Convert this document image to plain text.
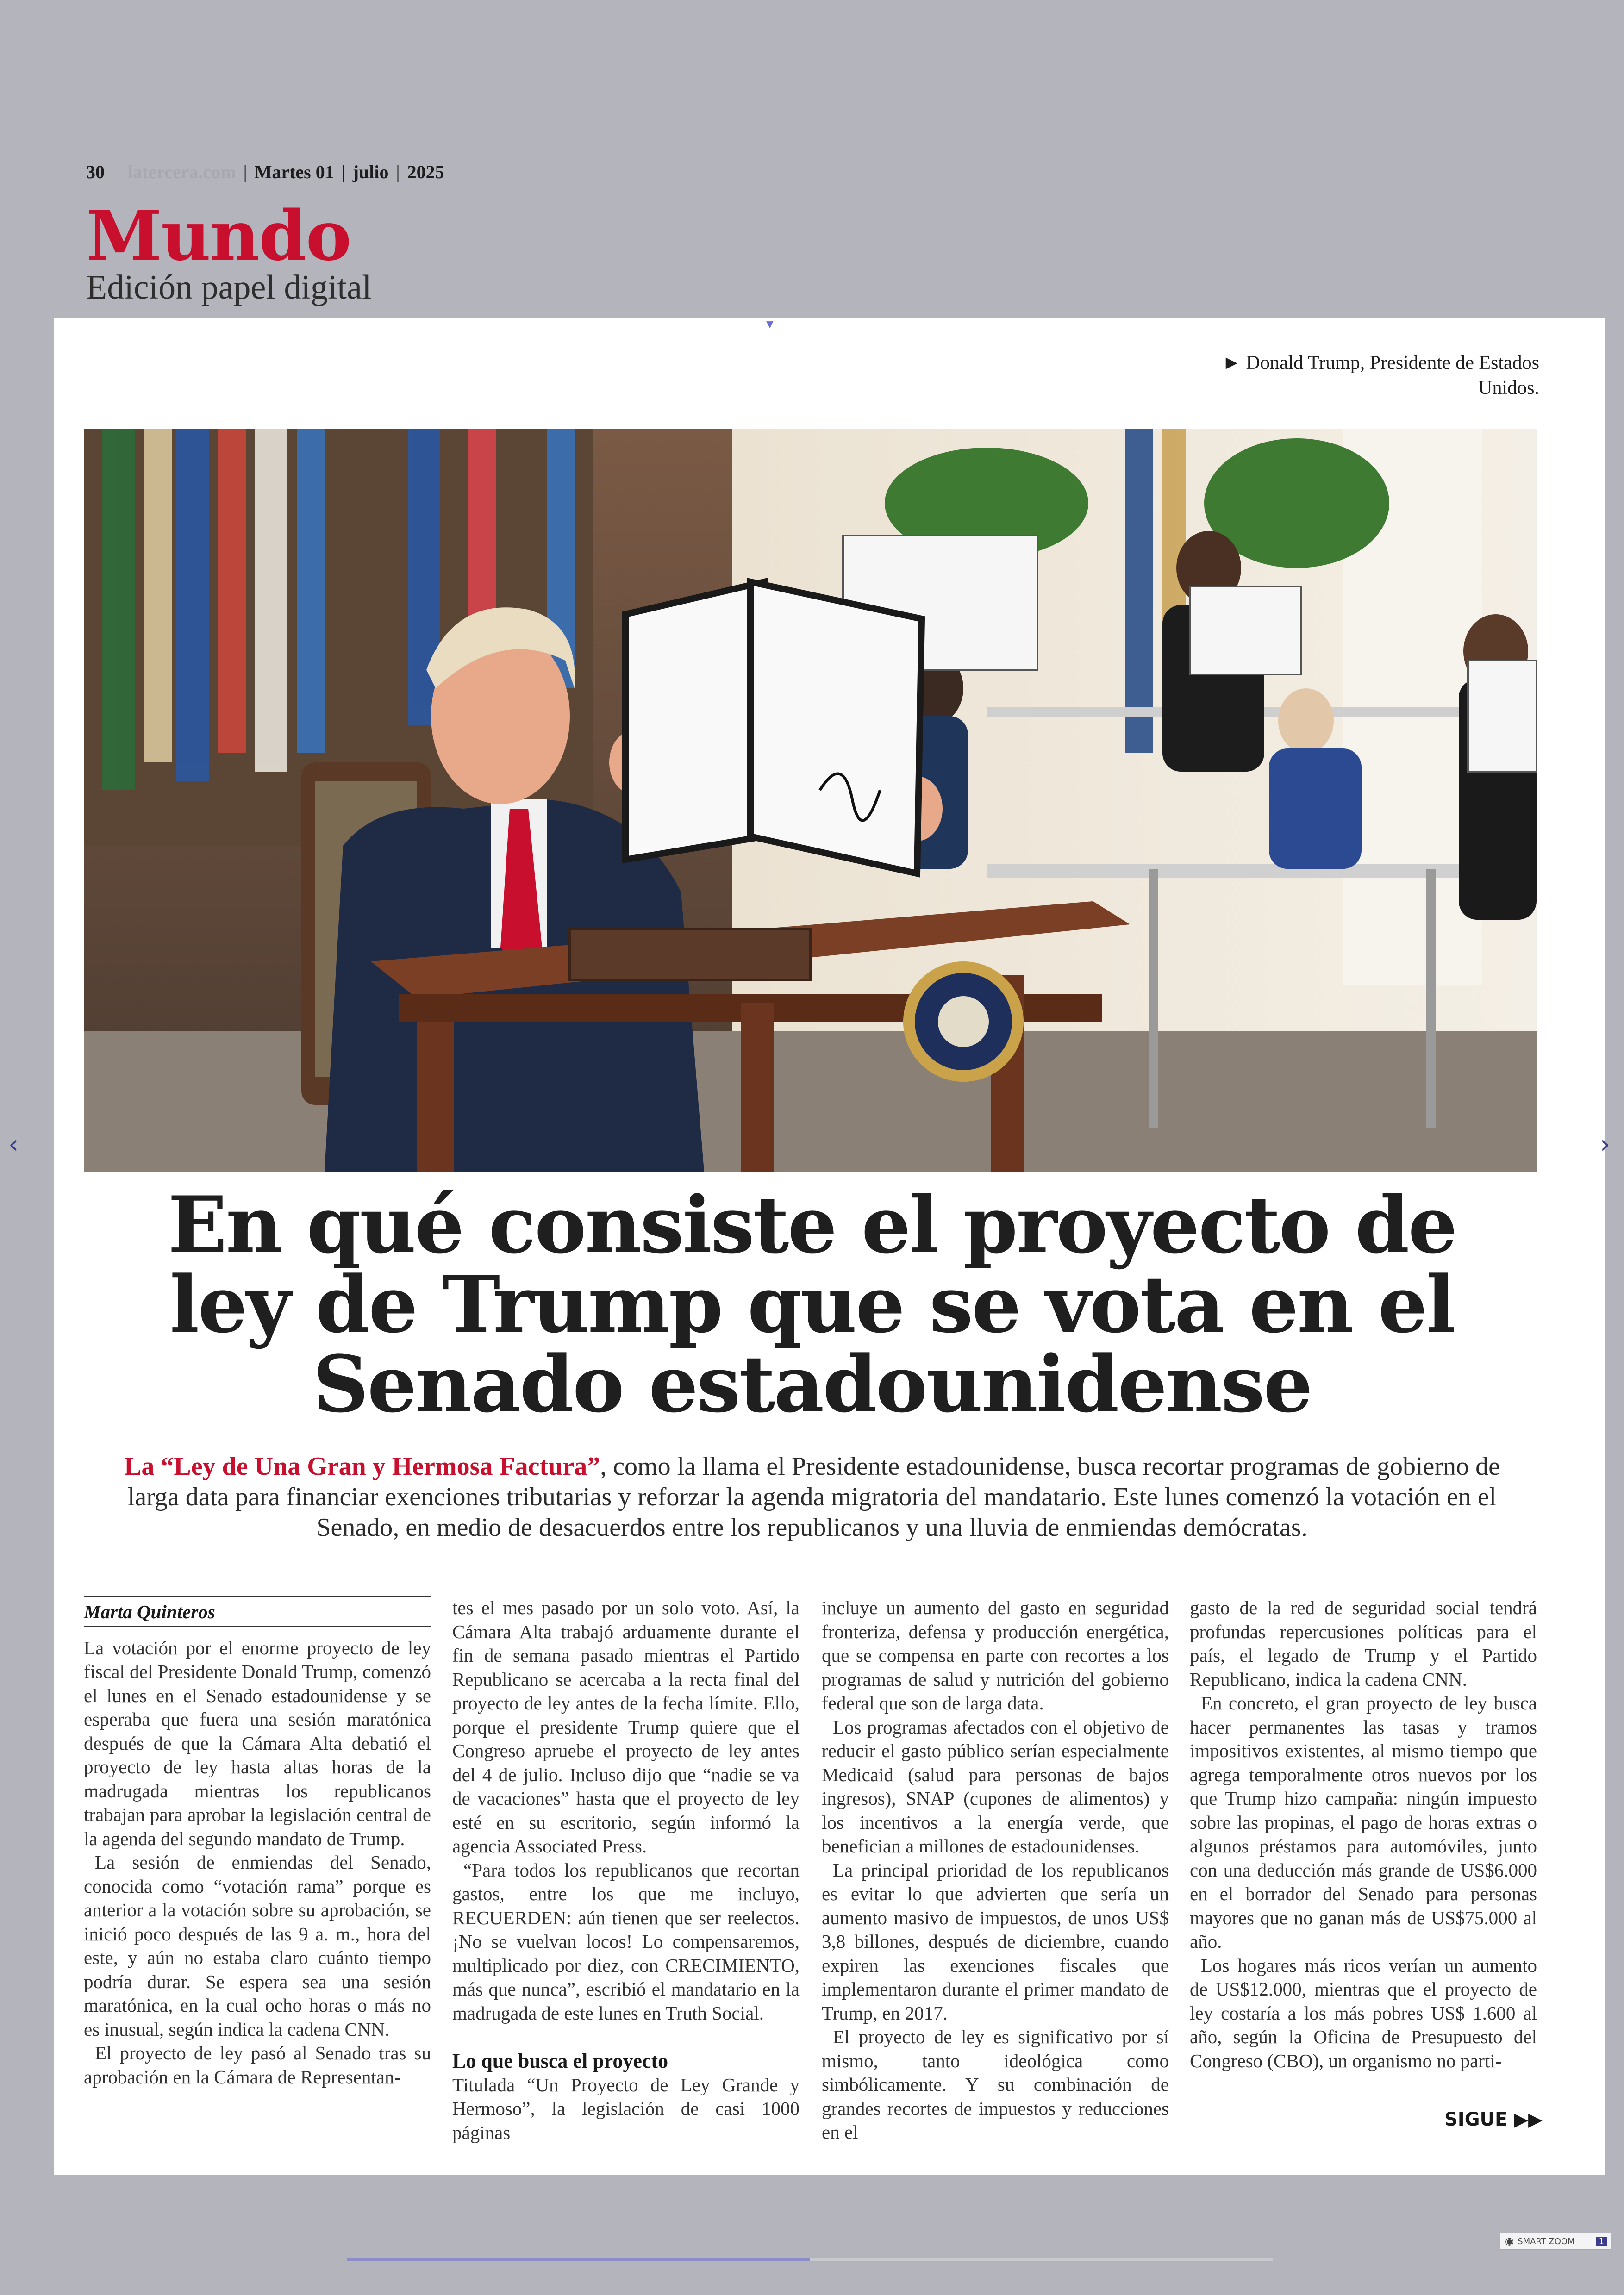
30 latercera.com | Martes 01 | julio | 2025
Mundo
Edición papel digital
▼
► Donald Trump, Presidente de Estados Unidos.
En qué consiste el proyecto de ley de Trump que se vota en el Senado estadounidense
La “Ley de Una Gran y Hermosa Factura”, como la llama el Presidente estadounidense, busca recortar programas de gobierno de larga data para financiar exenciones tributarias y reforzar la agenda migratoria del mandatario. Este lunes comenzó la votación en el Senado, en medio de desacuerdos entre los republicanos y una lluvia de enmiendas demócratas.
Marta Quinteros

La votación por el enorme proyecto de ley fiscal del Presidente Donald Trump, comenzó el lunes en el Senado estadounidense y se esperaba que fuera una sesión maratónica después de que la Cámara Alta debatió el proyecto de ley hasta altas horas de la madrugada mientras los republicanos trabajan para aprobar la legislación central de la agenda del segundo mandato de Trump.

La sesión de enmiendas del Senado, conocida como “votación rama” porque es anterior a la votación sobre su aprobación, se inició poco después de las 9 a. m., hora del este, y aún no estaba claro cuánto tiempo podría durar. Se espera sea una sesión maratónica, en la cual ocho horas o más no es inusual, según indica la cadena CNN.

El proyecto de ley pasó al Senado tras su aprobación en la Cámara de Representan-

tes el mes pasado por un solo voto. Así, la Cámara Alta trabajó arduamente durante el fin de semana pasado mientras el Partido Republicano se acercaba a la recta final del proyecto de ley antes de la fecha límite. Ello, porque el presidente Trump quiere que el Congreso apruebe el proyecto de ley antes del 4 de julio. Incluso dijo que “nadie se va de vacaciones” hasta que el proyecto de ley esté en su escritorio, según informó la agencia Associated Press.

“Para todos los republicanos que recortan gastos, entre los que me incluyo, RECUERDEN: aún tienen que ser reelectos. ¡No se vuelvan locos! Lo compensaremos, multiplicado por diez, con CRECIMIENTO, más que nunca”, escribió el mandatario en la madrugada de este lunes en Truth Social.

Lo que busca el proyecto

Titulada “Un Proyecto de Ley Grande y Hermoso”, la legislación de casi 1000 páginas

incluye un aumento del gasto en seguridad fronteriza, defensa y producción energética, que se compensa en parte con recortes a los programas de salud y nutrición del gobierno federal que son de larga data.

Los programas afectados con el objetivo de reducir el gasto público serían especialmente Medicaid (salud para personas de bajos ingresos), SNAP (cupones de alimentos) y los incentivos a la energía verde, que benefician a millones de estadounidenses.

La principal prioridad de los republicanos es evitar lo que advierten que sería un aumento masivo de impuestos, de unos US$ 3,8 billones, después de diciembre, cuando expiren las exenciones fiscales que implementaron durante el primer mandato de Trump, en 2017.

El proyecto de ley es significativo por sí mismo, tanto ideológica como simbólicamente. Y su combinación de grandes recortes de impuestos y reducciones en el

gasto de la red de seguridad social tendrá profundas repercusiones políticas para el país, el legado de Trump y el Partido Republicano, indica la cadena CNN.

En concreto, el gran proyecto de ley busca hacer permanentes las tasas y tramos impositivos existentes, al mismo tiempo que agrega temporalmente otros nuevos por los que Trump hizo campaña: ningún impuesto sobre las propinas, el pago de horas extras o algunos préstamos para automóviles, junto con una deducción más grande de US$6.000 en el borrador del Senado para personas mayores que no ganan más de US$75.000 al año.

Los hogares más ricos verían un aumento de US$12.000, mientras que el proyecto de ley costaría a los más pobres US$ 1.600 al año, según la Oficina de Presupuesto del Congreso (CBO), un organismo no parti-

SIGUE ▶▶
‹	›
◉ SMART ZOOM	1
